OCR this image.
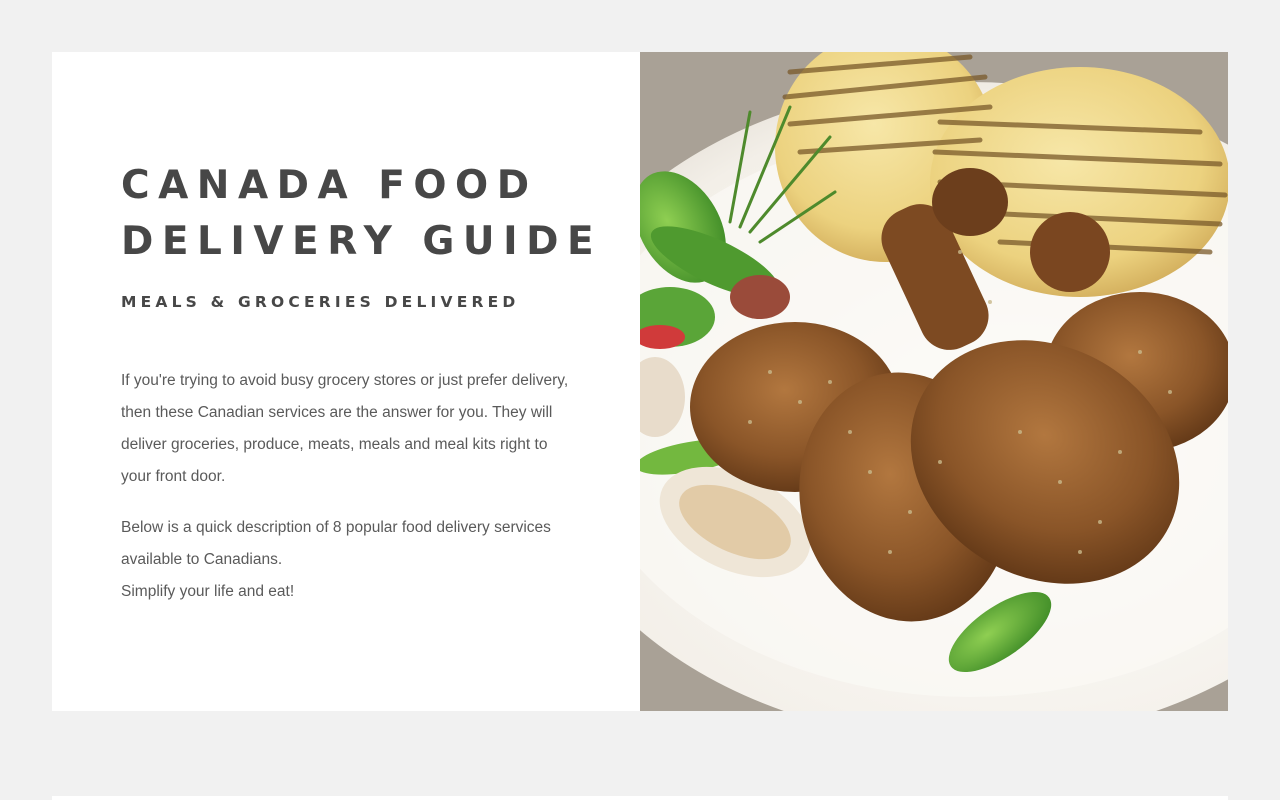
CANADA FOOD
DELIVERY GUIDE
MEALS & GROCERIES DELIVERED

If you're trying to avoid busy grocery stores or just prefer delivery, then these Canadian services are the answer for you. They will deliver groceries, produce, meats, meals and meal kits right to your front door.

Below is a quick description of 8 popular food delivery services available to Canadians.
Simplify your life and eat!
